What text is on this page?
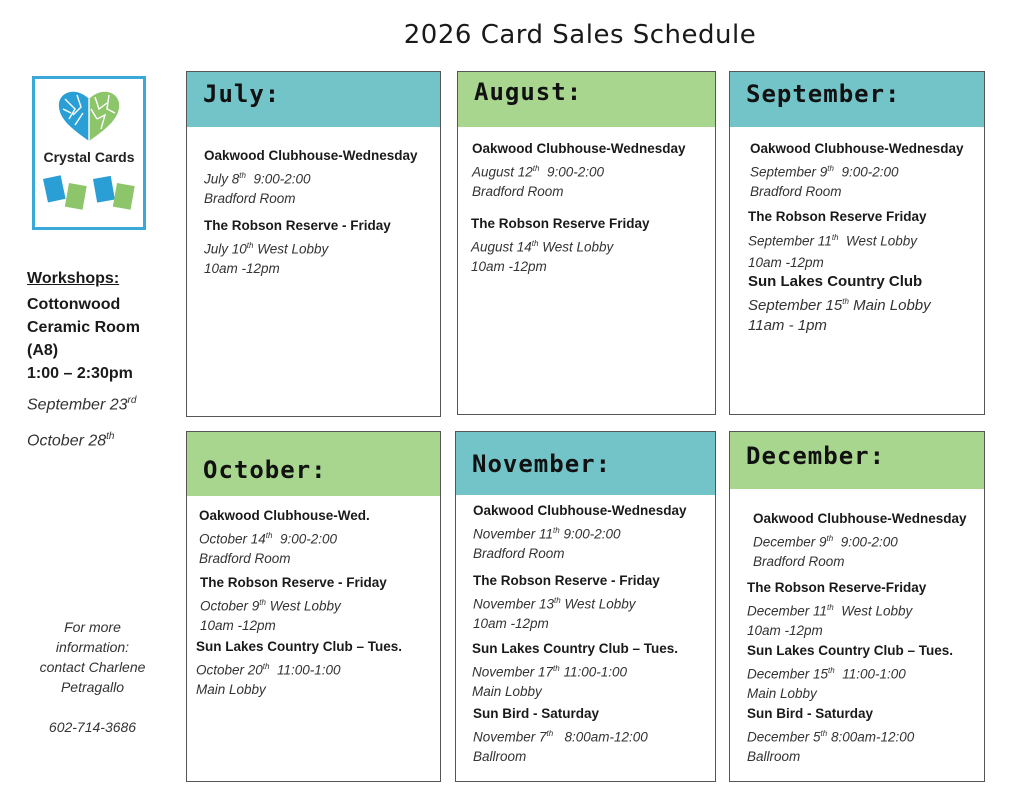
2026 Card Sales Schedule
Crystal Cards
Workshops:
Cottonwood
Ceramic Room
(A8)
1:00 – 2:30pm
September 23rd
October 28th
For more
information:
contact Charlene
Petragallo
602-714-3686
July:
Oakwood Clubhouse-Wednesday
July 8th  9:00-2:00
Bradford Room
The Robson Reserve - Friday
July 10th West Lobby
10am -12pm
August:
Oakwood Clubhouse-Wednesday
August 12th  9:00-2:00
Bradford Room
The Robson Reserve Friday
August 14th West Lobby
10am -12pm
September:
Oakwood Clubhouse-Wednesday
September 9th  9:00-2:00
Bradford Room
The Robson Reserve Friday
September 11th  West Lobby
10am -12pm
Sun Lakes Country Club
September 15th Main Lobby
11am - 1pm
October:
Oakwood Clubhouse-Wed.
October 14th  9:00-2:00
Bradford Room
The Robson Reserve - Friday
October 9th West Lobby
10am -12pm
Sun Lakes Country Club – Tues.
October 20th  11:00-1:00
Main Lobby
November:
Oakwood Clubhouse-Wednesday
November 11th 9:00-2:00
Bradford Room
The Robson Reserve - Friday
November 13th West Lobby
10am -12pm
Sun Lakes Country Club – Tues.
November 17th 11:00-1:00
Main Lobby
Sun Bird - Saturday
November 7th   8:00am-12:00
Ballroom
December:
Oakwood Clubhouse-Wednesday
December 9th  9:00-2:00
Bradford Room
The Robson Reserve-Friday
December 11th  West Lobby
10am -12pm
Sun Lakes Country Club – Tues.
December 15th  11:00-1:00
Main Lobby
Sun Bird - Saturday
December 5th 8:00am-12:00
Ballroom
